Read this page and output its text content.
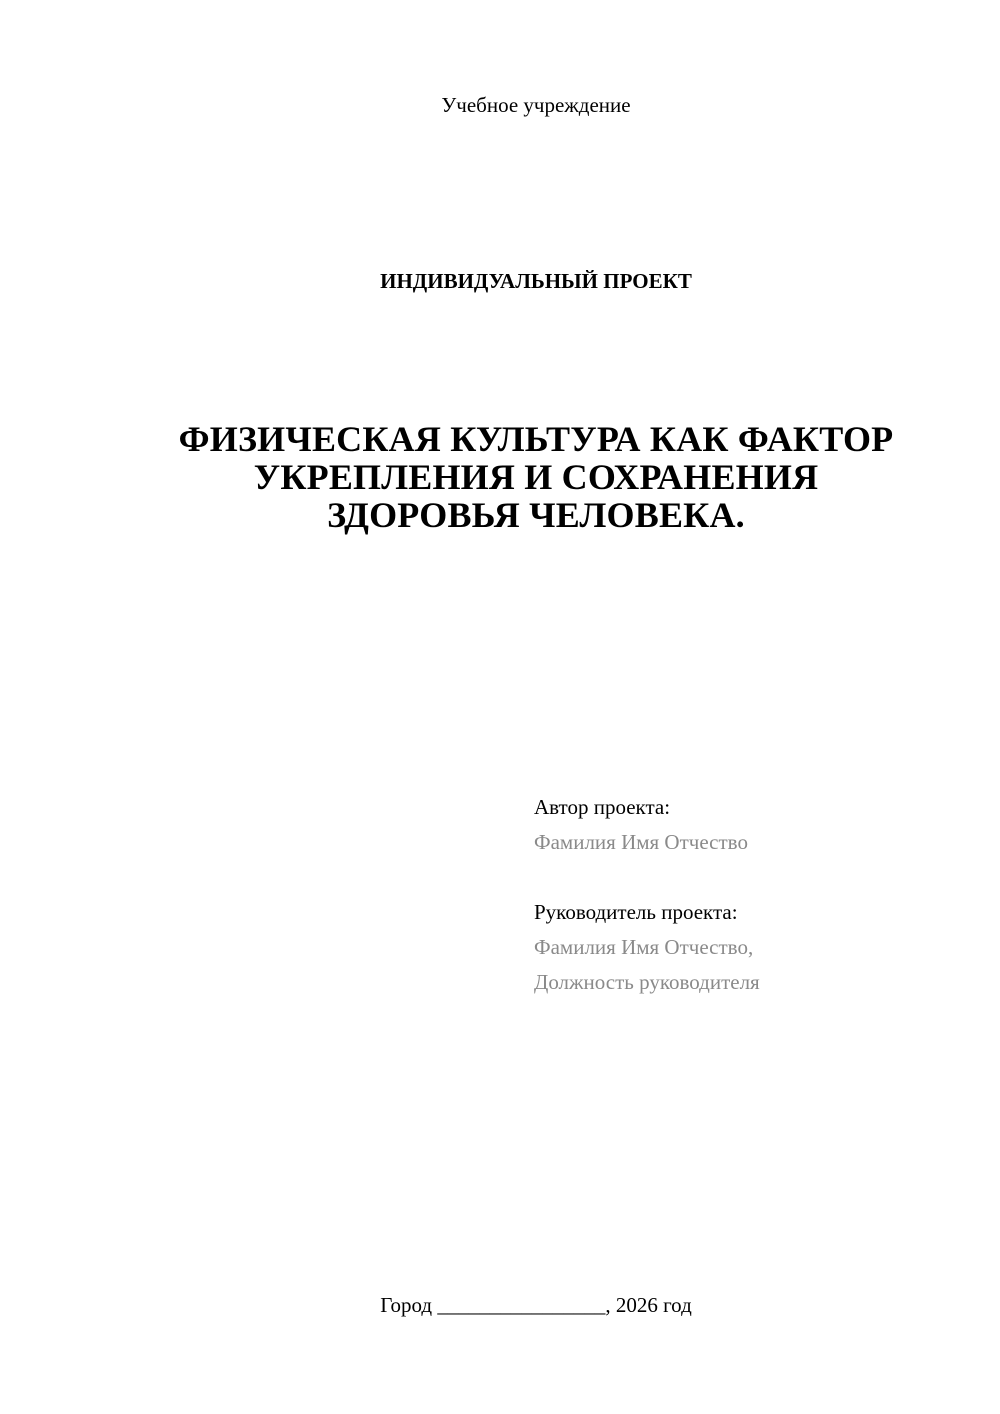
Учебное учреждение
ИНДИВИДУАЛЬНЫЙ ПРОЕКТ
ФИЗИЧЕСКАЯ КУЛЬТУРА КАК ФАКТОР
УКРЕПЛЕНИЯ И СОХРАНЕНИЯ
ЗДОРОВЬЯ ЧЕЛОВЕКА.
Автор проекта:
Фамилия Имя Отчество
Руководитель проекта:
Фамилия Имя Отчество,
Должность руководителя
Город ________________, 2026 год
